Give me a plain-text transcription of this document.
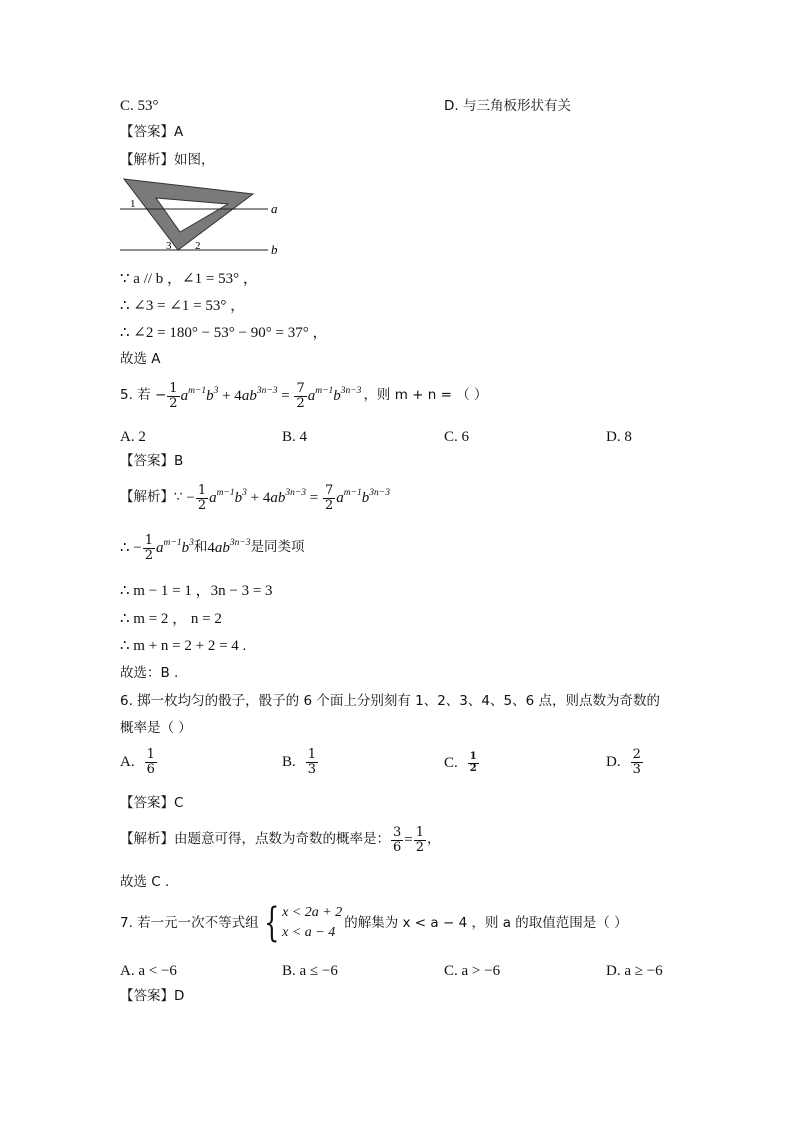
C. 53°	D. 与三角板形状有关
【答案】A
【解析】如图，
1
3 2
a
b
∵ a // b ，∠1 = 53° ，
∴ ∠3 = ∠1 = 53° ，
∴ ∠2 = 180° − 53° − 90° = 37° ，
故选 A
5. 若 − $\frac{1}{2} a^{m-1}b^3 + 4$ $ab^{3n-3} = \frac{7}{2} a^{m-1}b^{3n-3}$ ，则 m + n = （ ）
A. 2	B. 4	C. 6	D. 8
【答案】B
【解析】∵ − $\frac{1}{2} a^{m-1}b^3 + 4$ $ab^{3n-3} = \frac{7}{2} a^{m-1}b^{3n-3}$
∴ − $\frac{1}{2} a^{m-1}b^3$ 和 4 $ab^{3n-3}$ 是同类项
∴ m − 1 = 1 ，3n − 3 = 3
∴ m = 2 ， n = 2
∴ m + n = 2 + 2 = 4 .
故选：B .
6. 掷一枚均匀的骰子，骰子的 6 个面上分别刻有 1、2、3、4、5、6 点，则点数为奇数的
概率是（ ）
A. $\frac{1}{6}$	B. $\frac{1}{3}$	C. $\frac{1}{2}$	D. $\frac{2}{3}$
【答案】C
【解析】由题意可得，点数为奇数的概率是： $\frac{3}{6} = \frac{1}{2}$ ，
故选 C .
7. 若一元一次不等式组 { x < 2a + 2
x < a − 4
的解集为 x < a − 4 ，则 a 的取值范围是（ ）
A. a < −6	B. a ≤ −6	C. a > −6	D. a ≥ −6
【答案】D
